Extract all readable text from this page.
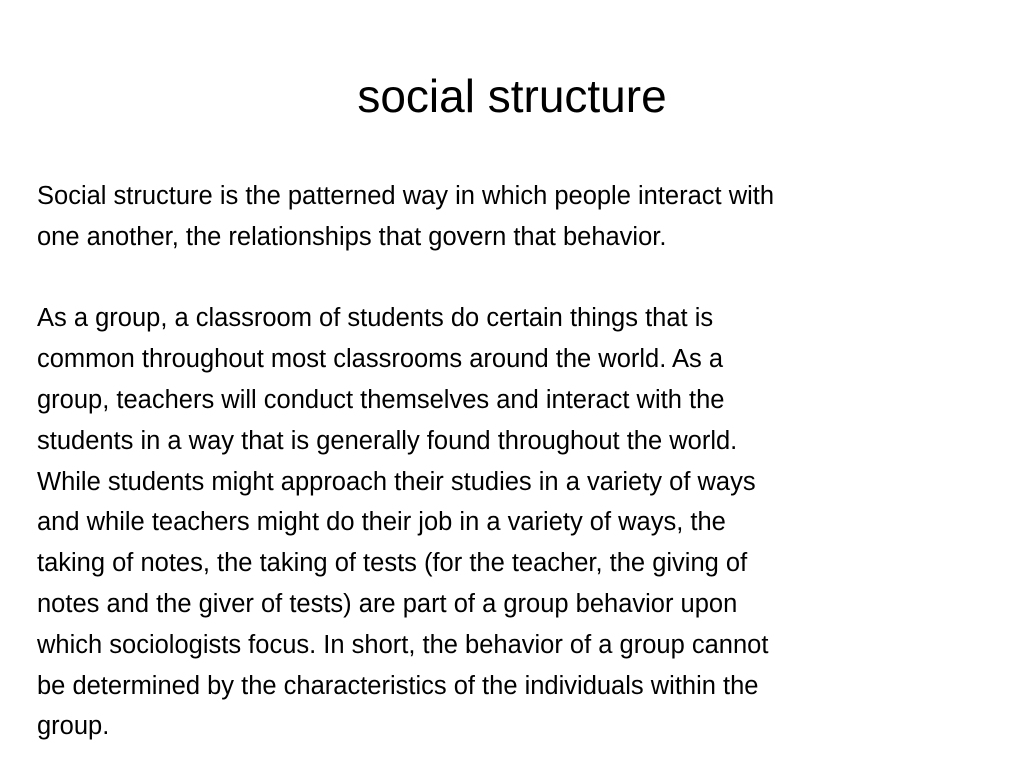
social structure

Social structure is the patterned way in which people interact with
one another, the relationships that govern that behavior.

As a group, a classroom of students do certain things that is
common throughout most classrooms around the world. As a
group, teachers will conduct themselves and interact with the
students in a way that is generally found throughout the world.
While students might approach their studies in a variety of ways
and while teachers might do their job in a variety of ways, the
taking of notes, the taking of tests (for the teacher, the giving of
notes and the giver of tests) are part of a group behavior upon
which sociologists focus. In short, the behavior of a group cannot
be determined by the characteristics of the individuals within the
group.
